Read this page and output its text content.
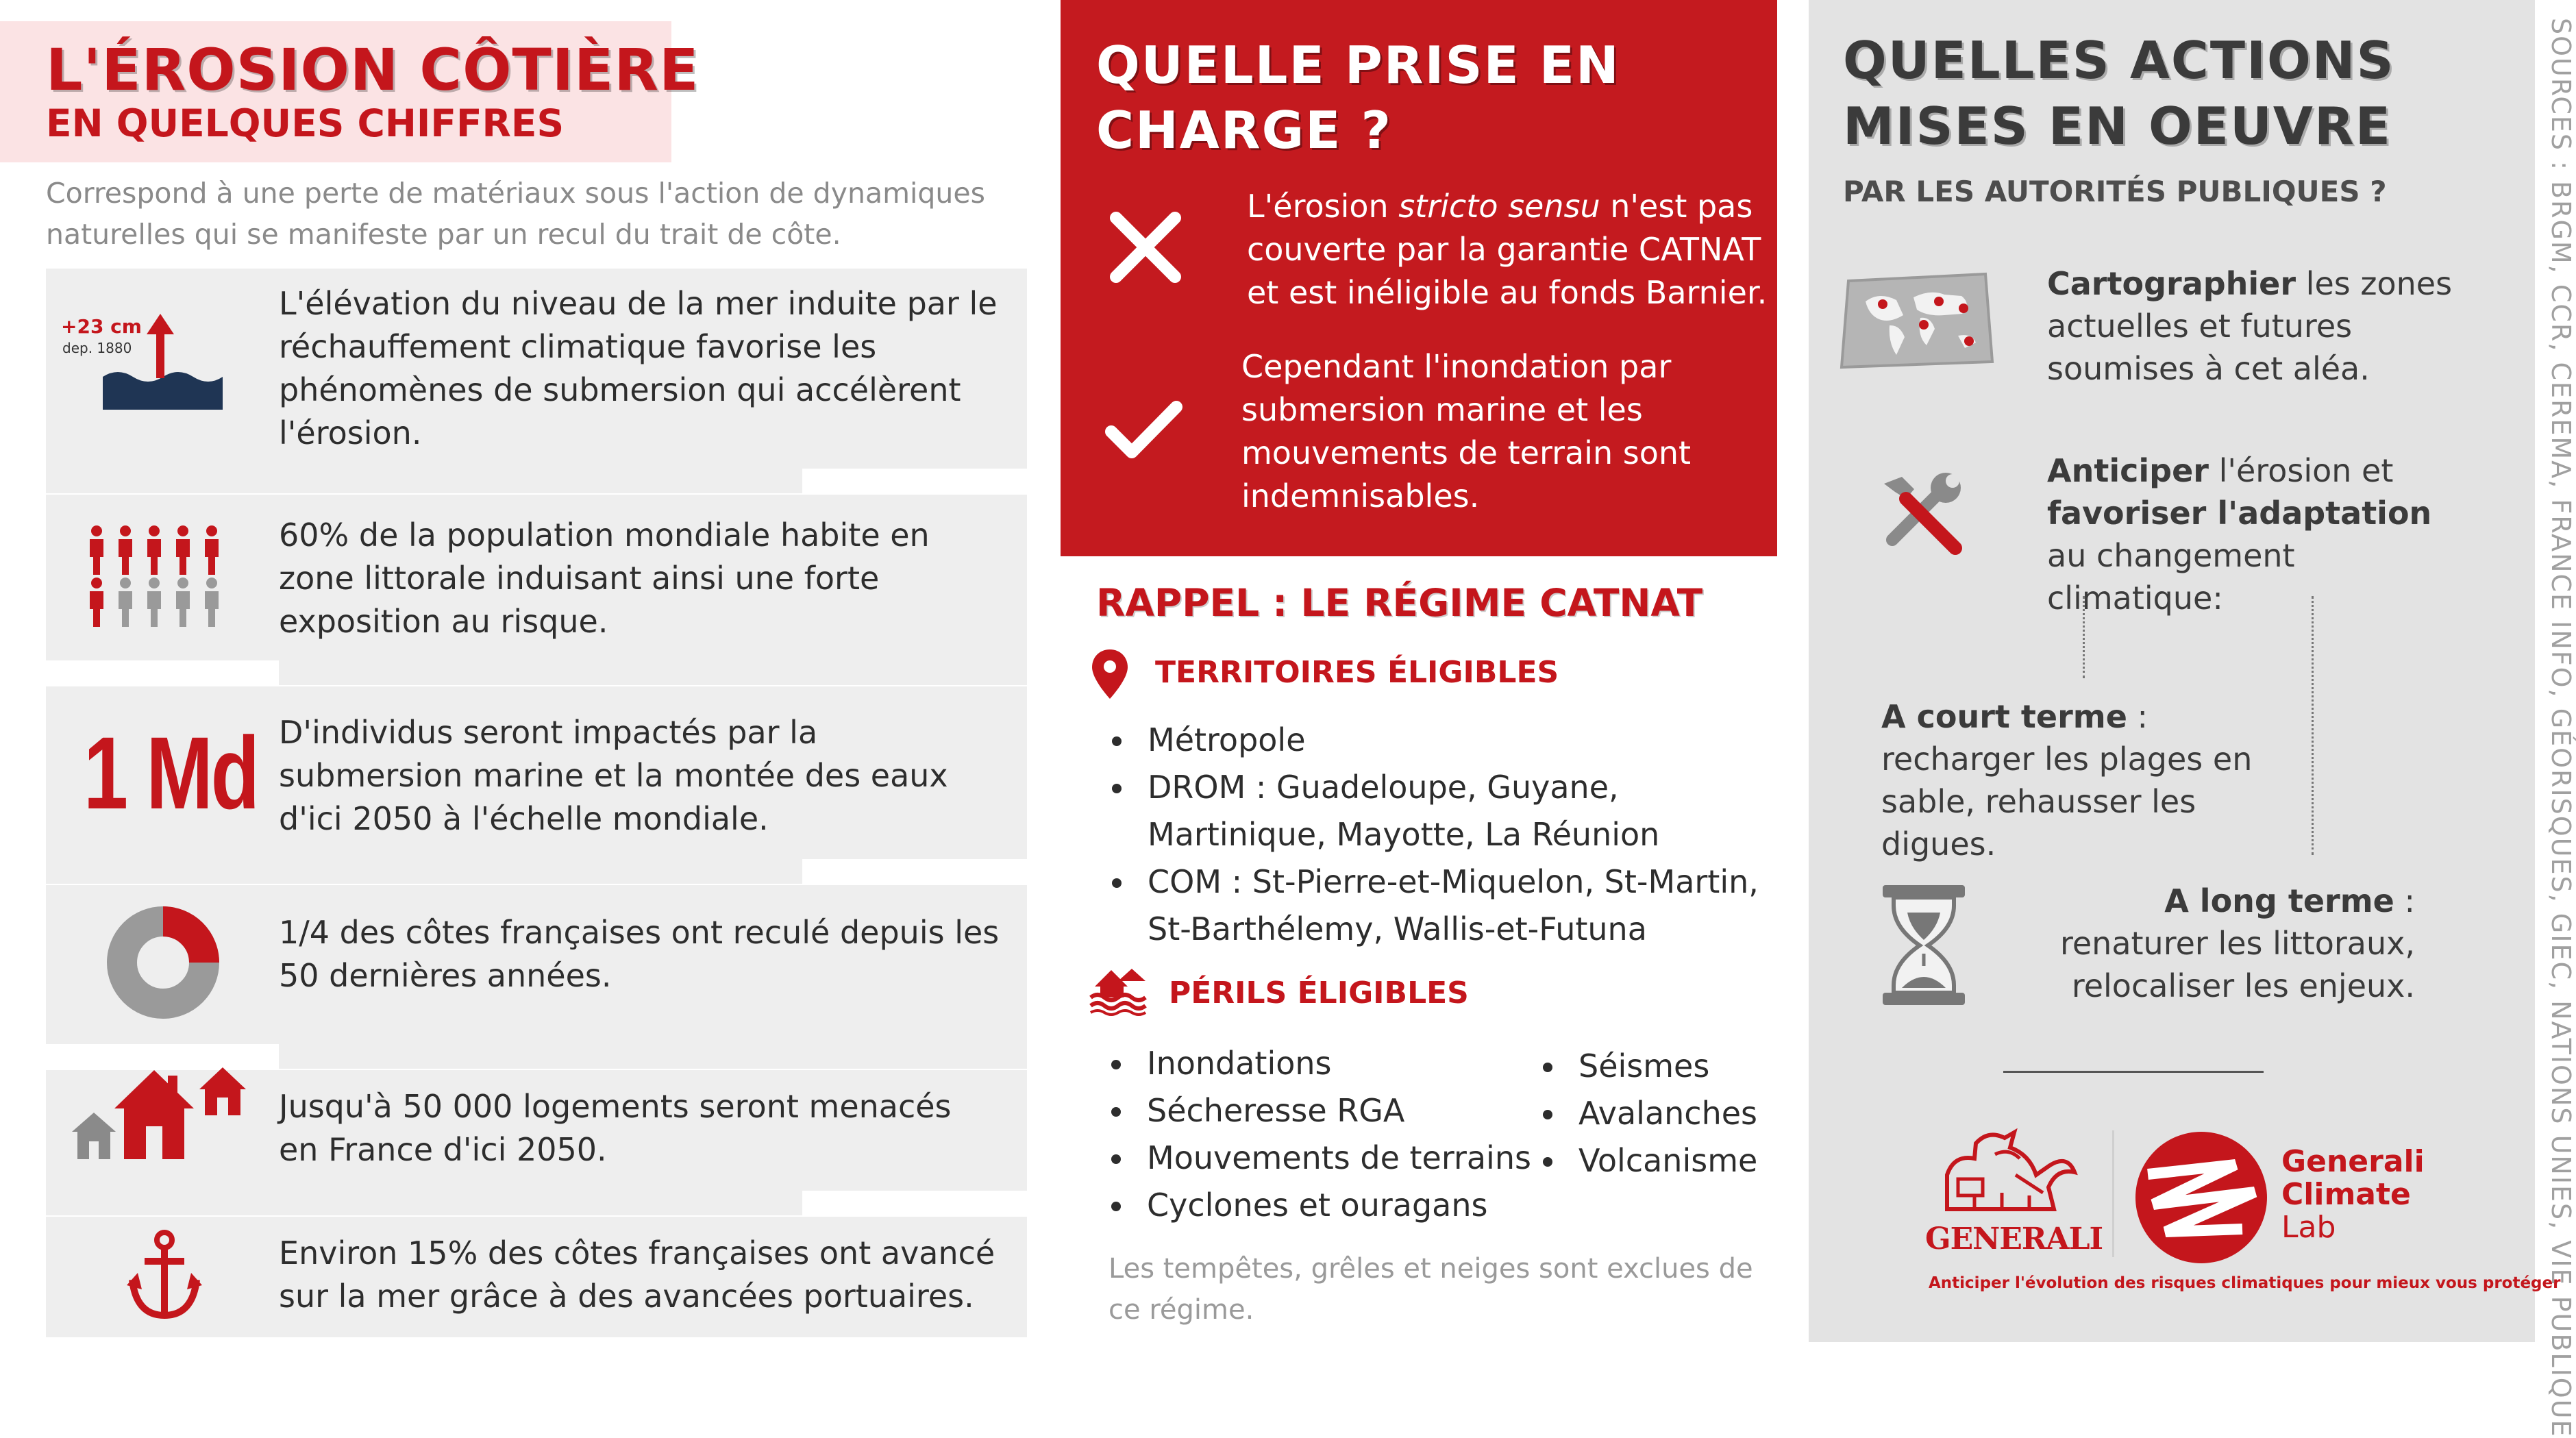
L'ÉROSION CÔTIÈRE
EN QUELQUES CHIFFRES
Correspond à une perte de matériaux sous l'action de dynamiques naturelles qui se manifeste par un recul du trait de côte.
+23 cm
dep. 1880
L'élévation du niveau de la mer induite par le réchauffement climatique favorise les phénomènes de submersion qui accélèrent l'érosion.
60% de la population mondiale habite en zone littorale induisant ainsi une forte exposition au risque.
1 Md D'individus seront impactés par la submersion marine et la montée des eaux d'ici 2050 à l'échelle mondiale.
1/4 des côtes françaises ont reculé depuis les 50 dernières années.
Jusqu'à 50 000 logements seront menacés en France d'ici 2050.
Environ 15% des côtes françaises ont avancé sur la mer grâce à des avancées portuaires.
QUELLE PRISE EN CHARGE ?
L'érosion stricto sensu n'est pas couverte par la garantie CATNAT et est inéligible au fonds Barnier.
Cependant l'inondation par submersion marine et les mouvements de terrain sont indemnisables.
RAPPEL : LE RÉGIME CATNAT
TERRITOIRES ÉLIGIBLES
Métropole
DROM : Guadeloupe, Guyane, Martinique, Mayotte, La Réunion
COM : St-Pierre-et-Miquelon, St-Martin, St-Barthélemy, Wallis-et-Futuna
PÉRILS ÉLIGIBLES
Inondations
Sécheresse RGA
Mouvements de terrains
Cyclones et ouragans
Séismes
Avalanches
Volcanisme
Les tempêtes, grêles et neiges sont exclues de ce régime.
QUELLES ACTIONS MISES EN OEUVRE
PAR LES AUTORITÉS PUBLIQUES ?
Cartographier les zones actuelles et futures soumises à cet aléa.
Anticiper l'érosion et favoriser l'adaptation au changement climatique:
A court terme : recharger les plages en sable, rehausser les digues.
A long terme : renaturer les littoraux, relocaliser les enjeux.
GENERALI
Generali
Climate
Lab
Anticiper l'évolution des risques climatiques pour mieux vous protéger
SOURCES : BRGM, CCR, CEREMA, FRANCE INFO, GÉORISQUES, GIEC, NATIONS UNIES, VIE PUBLIQUE
